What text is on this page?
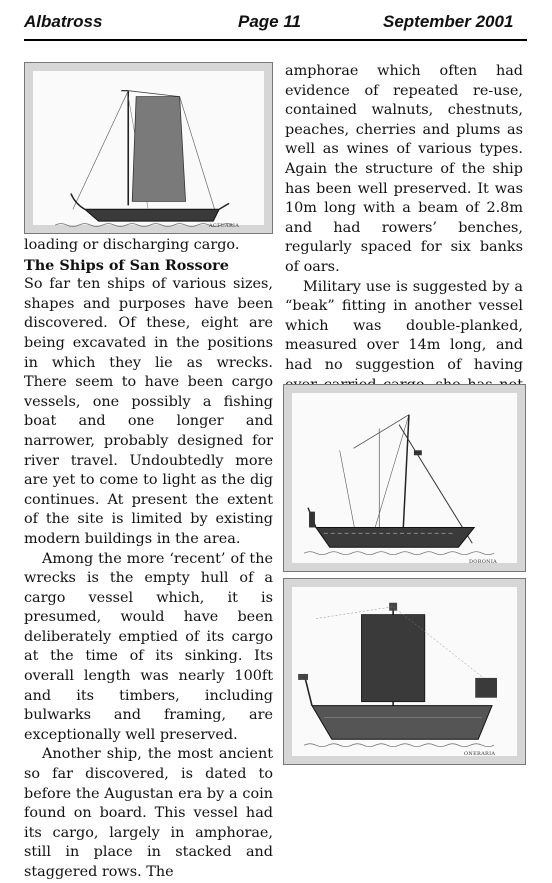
Albatross	Page 11	September 2001
ACTUARIA

loading or discharging cargo.

The Ships of San Rossore

So far ten ships of various sizes, shapes and purposes have been discovered. Of these, eight are being excavated in the positions in which they lie as wrecks. There seem to have been cargo vessels, one possibly a fishing boat and one longer and narrower, probably designed for river travel. Undoubtedly more are yet to come to light as the dig continues. At present the extent of the site is limited by existing modern buildings in the area.

Among the more ‘recent’ of the wrecks is the empty hull of a cargo vessel which, it is presumed, would have been deliberately emptied of its cargo at the time of its sinking. Its overall length was nearly 100ft and its timbers, including bulwarks and framing, are exceptionally well preserved.

Another ship, the most ancient so far discovered, is dated to before the Augustan era by a coin found on board. This vessel had its cargo, largely in amphorae, still in place in stacked and staggered rows. The

amphorae which often had evidence of repeated re-use, contained walnuts, chestnuts, peaches, cherries and plums as well as wines of various types. Again the structure of the ship has been well preserved. It was 10m long with a beam of 2.8m and had rowers’ benches, regularly spaced for six banks of oars.

Military use is suggested by a “beak” fitting in another vessel which was double-planked, measured over 14m long, and had no suggestion of having

DORONIA
ONERARIA
